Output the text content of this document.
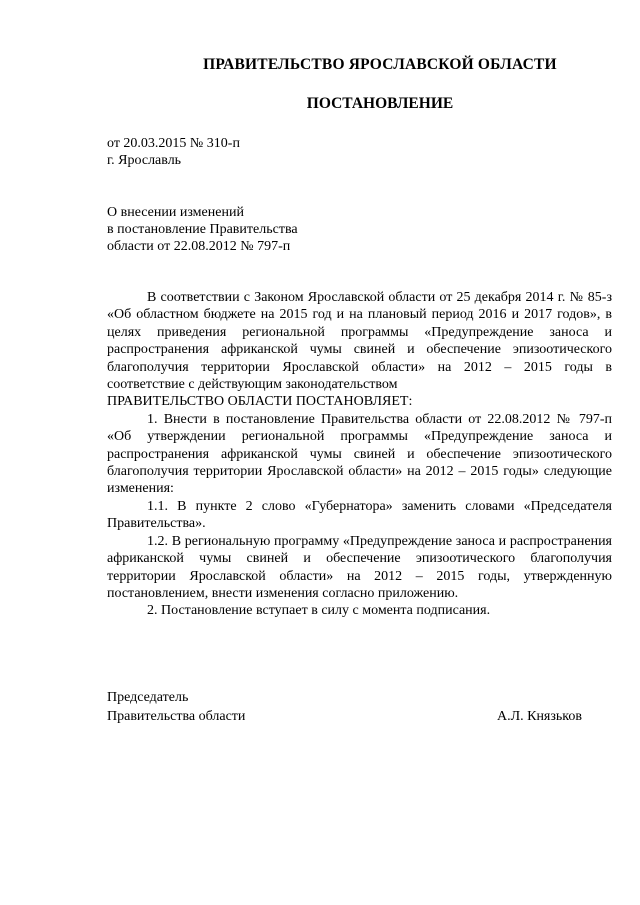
ПРАВИТЕЛЬСТВО ЯРОСЛАВСКОЙ ОБЛАСТИ
ПОСТАНОВЛЕНИЕ
от 20.03.2015 № 310-п
г. Ярославль
О внесении изменений
в постановление Правительства
области от 22.08.2012 № 797-п

В соответствии с Законом Ярославской области от 25 декабря 2014 г. № 85-з «Об областном бюджете на 2015 год и на плановый период 2016 и 2017 годов», в целях приведения региональной программы «Предупреждение заноса и распространения африканской чумы свиней и обеспечение эпизоотического благополучия территории Ярославской области» на 2012 – 2015 годы в соответствие с действующим законодательством

ПРАВИТЕЛЬСТВО ОБЛАСТИ ПОСТАНОВЛЯЕТ:

1. Внести в постановление Правительства области от 22.08.2012 № 797-п «Об утверждении региональной программы «Предупреждение заноса и распространения африканской чумы свиней и обеспечение эпизоотического благополучия территории Ярославской области» на 2012 – 2015 годы» следующие изменения:

1.1. В пункте 2 слово «Губернатора» заменить словами «Председателя Правительства».

1.2. В региональную программу «Предупреждение заноса и распространения африканской чумы свиней и обеспечение эпизоотического благополучия территории Ярославской области» на 2012 – 2015 годы, утвержденную постановлением, внести изменения согласно приложению.

2. Постановление вступает в силу с момента подписания.

Председатель
Правительства области	А.Л. Князьков
